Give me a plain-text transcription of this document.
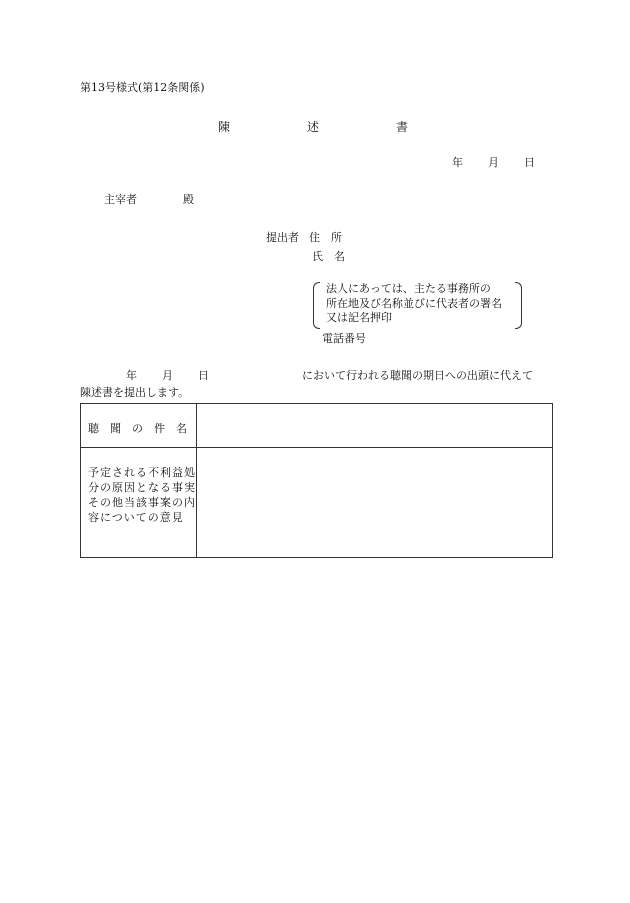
第13号様式(第12条関係)
陳	述	書
年 月 日
主宰者	殿
提出者 住　所
氏　名
法人にあっては、主たる事務所の
所在地及び名称並びに代表者の署名
又は記名押印
電話番号
年 月 日	において行われる聴聞の期日への出頭に代えて
陳述書を提出します。
聴　聞　の　件　名
予定される不利益処分の原因となる事実その他当該事案の内容についての意見
